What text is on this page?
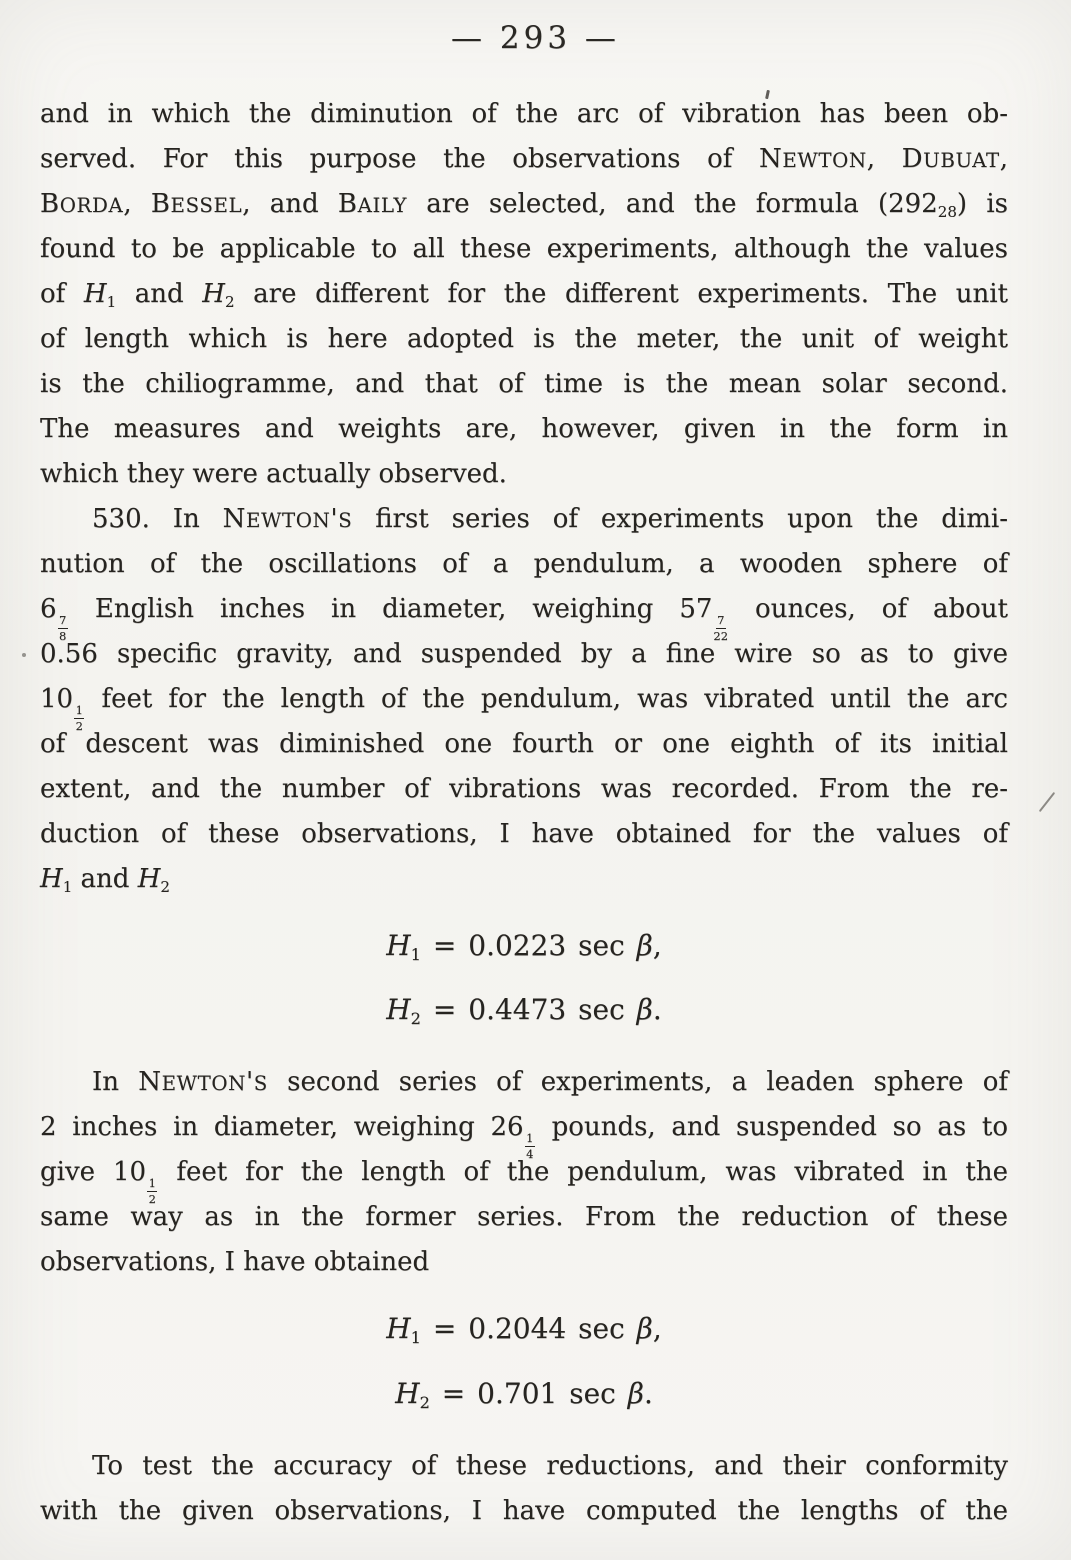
— 293 —
and in which the diminution of the arc of vibration has been ob-
served. For this purpose the observations of NEWTON, DUBUAT,
BORDA, BESSEL, and BAILY are selected, and the formula $(292_{28})$ is
found to be applicable to all these experiments, although the values
of $H_1$ and $H_2$ are different for the different experiments. The unit
of length which is here adopted is the meter, the unit of weight
is the chiliogramme, and that of time is the mean solar second.
The measures and weights are, however, given in the form in
which they were actually observed.
530. In NEWTON'S first series of experiments upon the dimi-
nution of the oscillations of a pendulum, a wooden sphere of
6
$\frac{7}{8}$
English inches in diameter, weighing 57
$\frac{7}{22}$
ounces, of about
0.56 specific gravity, and suspended by a fine wire so as to give
10
$\frac{1}{2}$
feet for the length of the pendulum, was vibrated until the arc
of descent was diminished one fourth or one eighth of its initial
extent, and the number of vibrations was recorded. From the re-
duction of these observations, I have obtained for the values of
$H_1$ and $H_2$
$H_1 = 0.0223$ sec β,
$H_2 = 0.4473$ sec β.
In NEWTON'S second series of experiments, a leaden sphere of
2 inches in diameter, weighing 26
$\frac{1}{4}$
pounds, and suspended so as to
give 10
$\frac{1}{2}$
feet for the length of the pendulum, was vibrated in the
same way as in the former series. From the reduction of these
observations, I have obtained
$H_1 = 0.2044$ sec β,
$H_2 = 0.701$ sec β.
To test the accuracy of these reductions, and their conformity
with the given observations, I have computed the lengths of the
